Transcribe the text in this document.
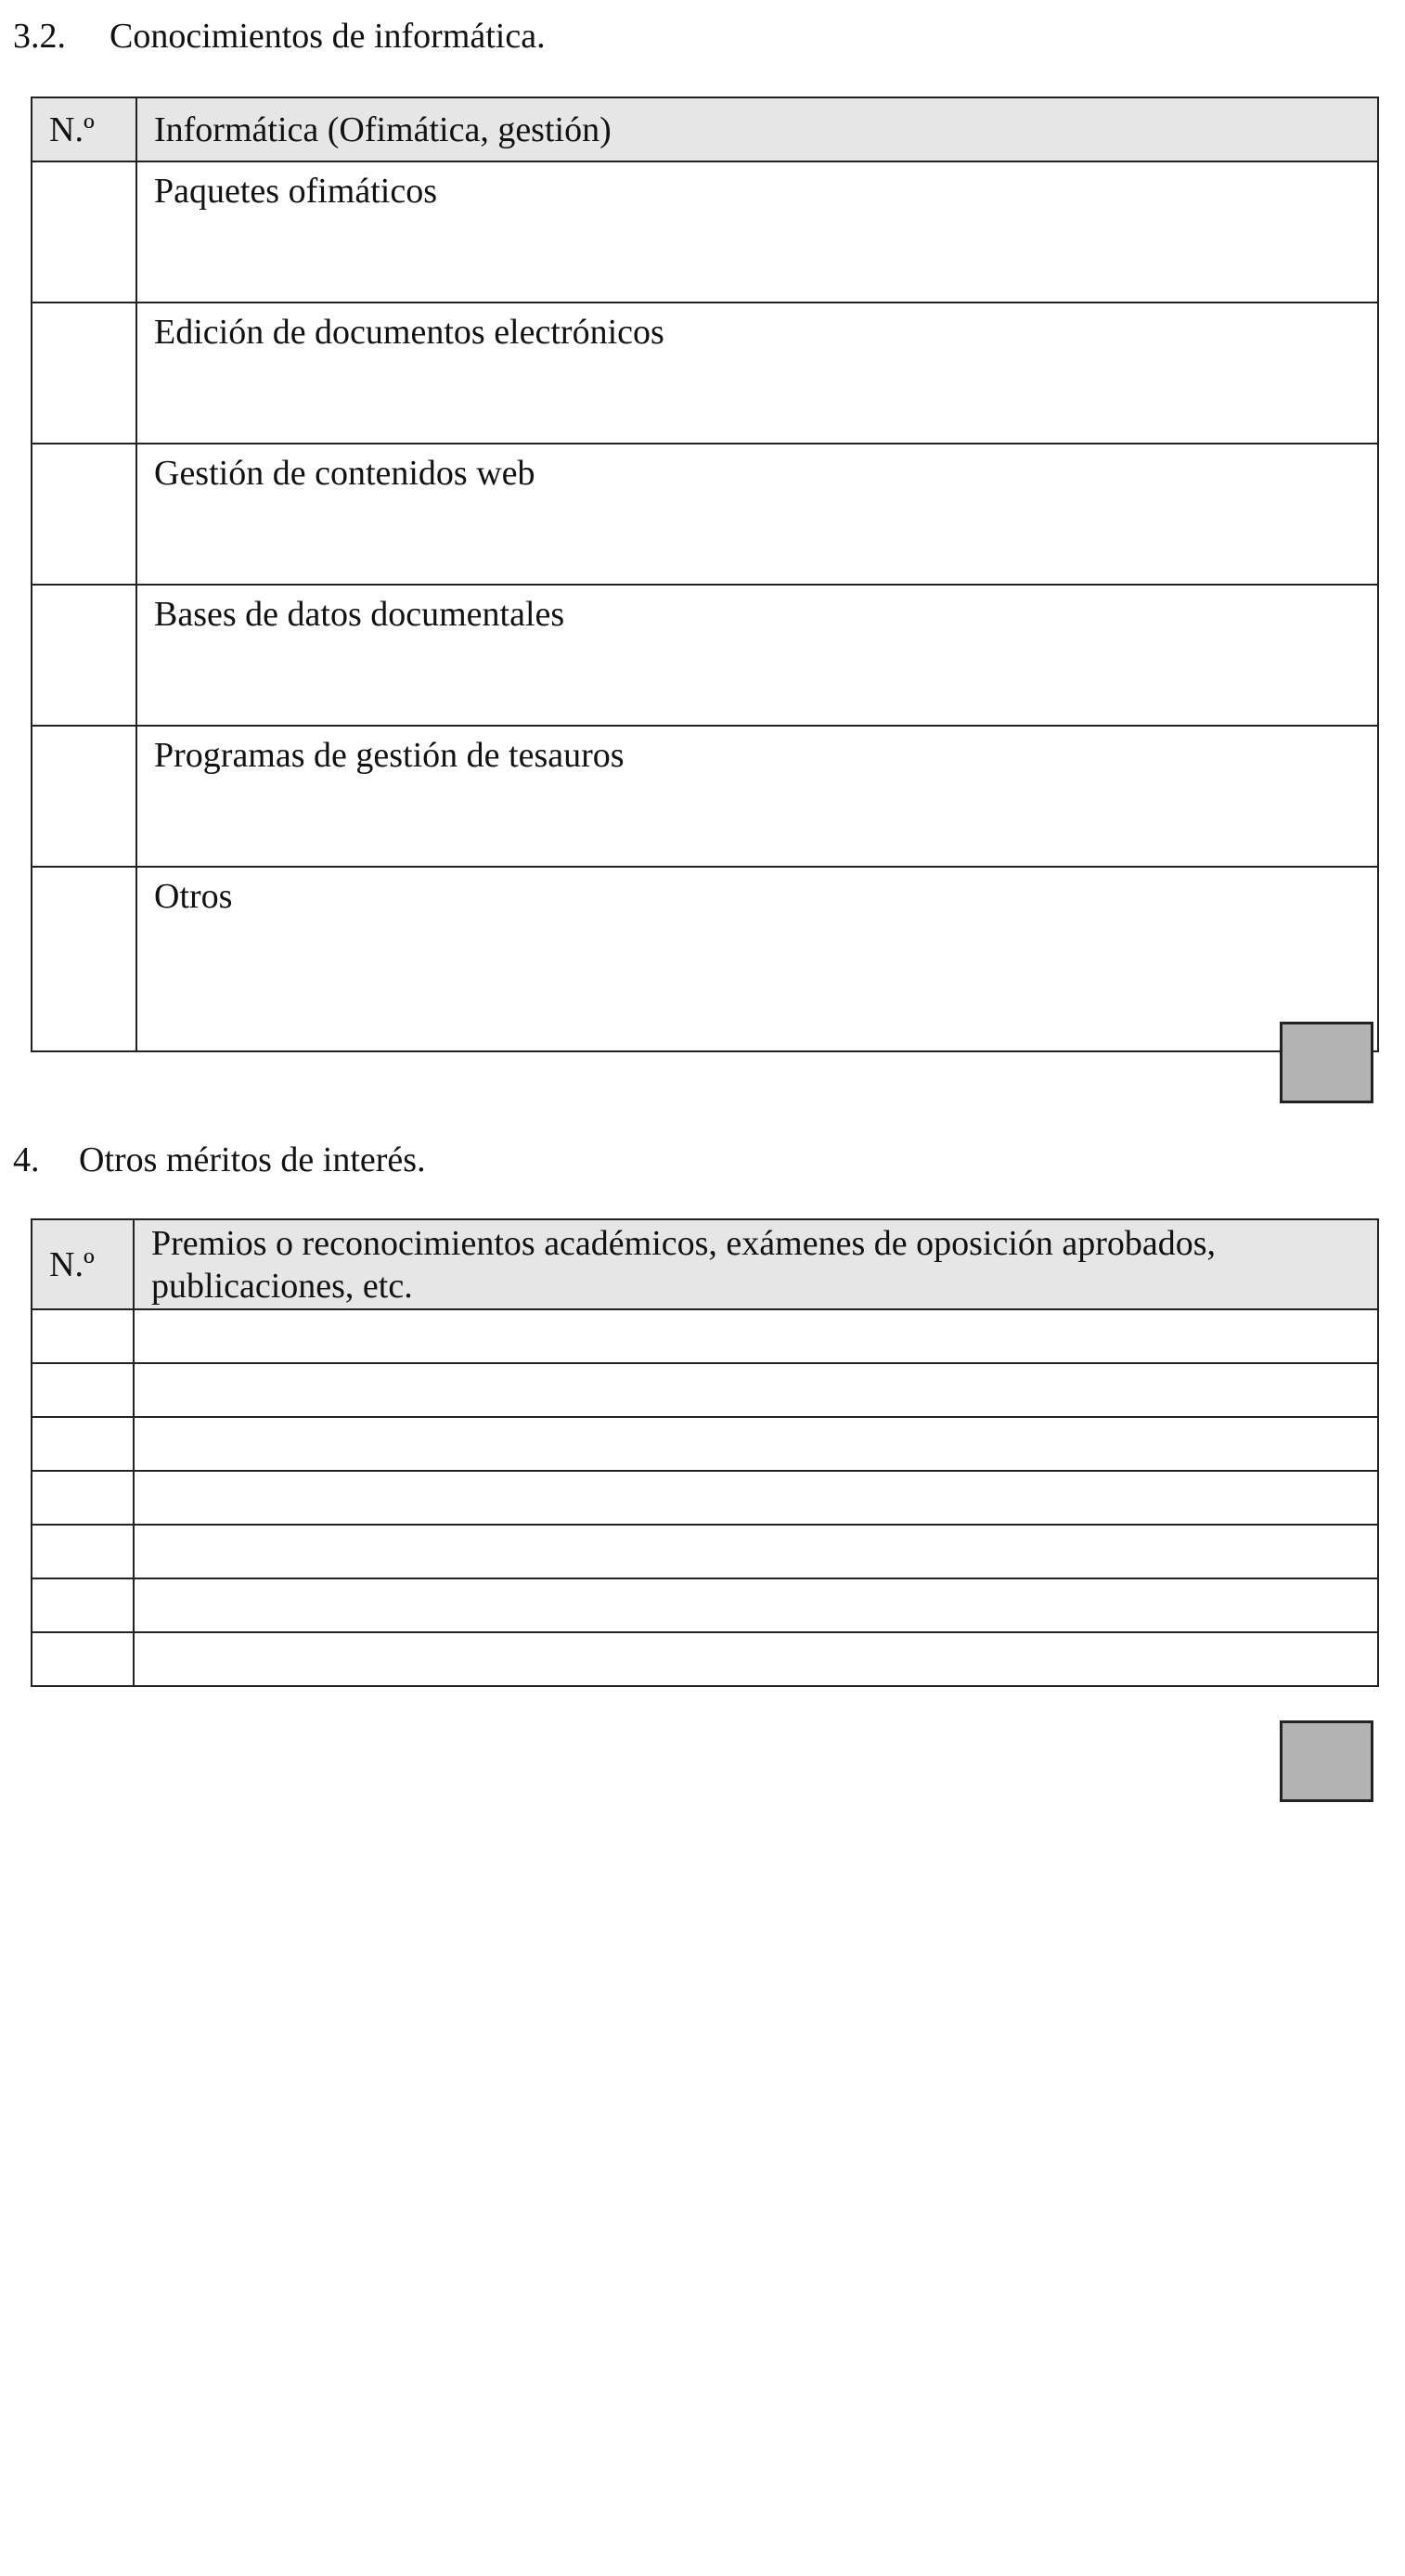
3.2. Conocimientos de informática.
N.º	Informática (Ofimática, gestión)
	Paquetes ofimáticos
	Edición de documentos electrónicos
	Gestión de contenidos web
	Bases de datos documentales
	Programas de gestión de tesauros
	Otros
4. Otros méritos de interés.
N.º	Premios o reconocimientos académicos, exámenes de oposición aprobados, publicaciones, etc.
